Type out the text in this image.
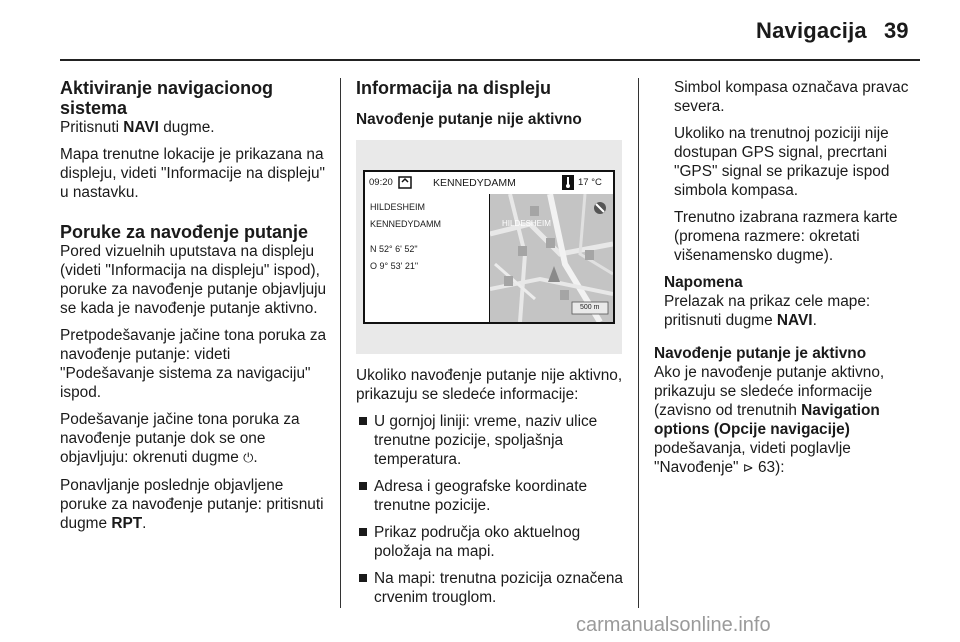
Navigacija 39
Aktiviranje navigacionog sistema

Pritisnuti NAVI dugme.

Mapa trenutne lokacije je prikazana na displeju, videti "Informacije na displeju" u nastavku.

Poruke za navođenje putanje

Pored vizuelnih uputstava na displeju (videti "Informacija na displeju" ispod), poruke za navođenje putanje objavljuju se kada je navođenje putanje aktivno.

Pretpodešavanje jačine tona poruka za navođenje putanje: videti "Podešavanje sistema za navigaciju" ispod.

Podešavanje jačine tona poruka za navođenje putanje dok se one objavljuju: okrenuti dugme ⏻.

Ponavljanje poslednje objavljene poruke za navođenje putanje: pritisnuti dugme RPT.

Informacija na displeju
Navođenje putanje nije aktivno
09:20	KENNEDYDAMM	17 °C
HILDESHEIM
KENNEDYDAMM
N 52° 6' 52"
O 9° 53' 21"
HILDESHEIM
500 m

Ukoliko navođenje putanje nije aktivno, prikazuju se sledeće informacije:

U gornjoj liniji: vreme, naziv ulice trenutne pozicije, spoljašnja temperatura.
Adresa i geografske koordinate trenutne pozicije.
Prikaz područja oko aktuelnog položaja na mapi.
Na mapi: trenutna pozicija označena crvenim trouglom.

Simbol kompasa označava pravac severa.

Ukoliko na trenutnoj poziciji nije dostupan GPS signal, precrtani "GPS" signal se prikazuje ispod simbola kompasa.

Trenutno izabrana razmera karte (promena razmere: okretati višenamensko dugme).

Napomena

Prelazak na prikaz cele mape: pritisnuti dugme NAVI.

Navođenje putanje je aktivno

Ako je navođenje putanje aktivno, prikazuju se sledeće informacije (zavisno od trenutnih Navigation options (Opcije navigacije) podešavanja, videti poglavlje "Navođenje" ⊳ 63):

carmanualsonline.info
